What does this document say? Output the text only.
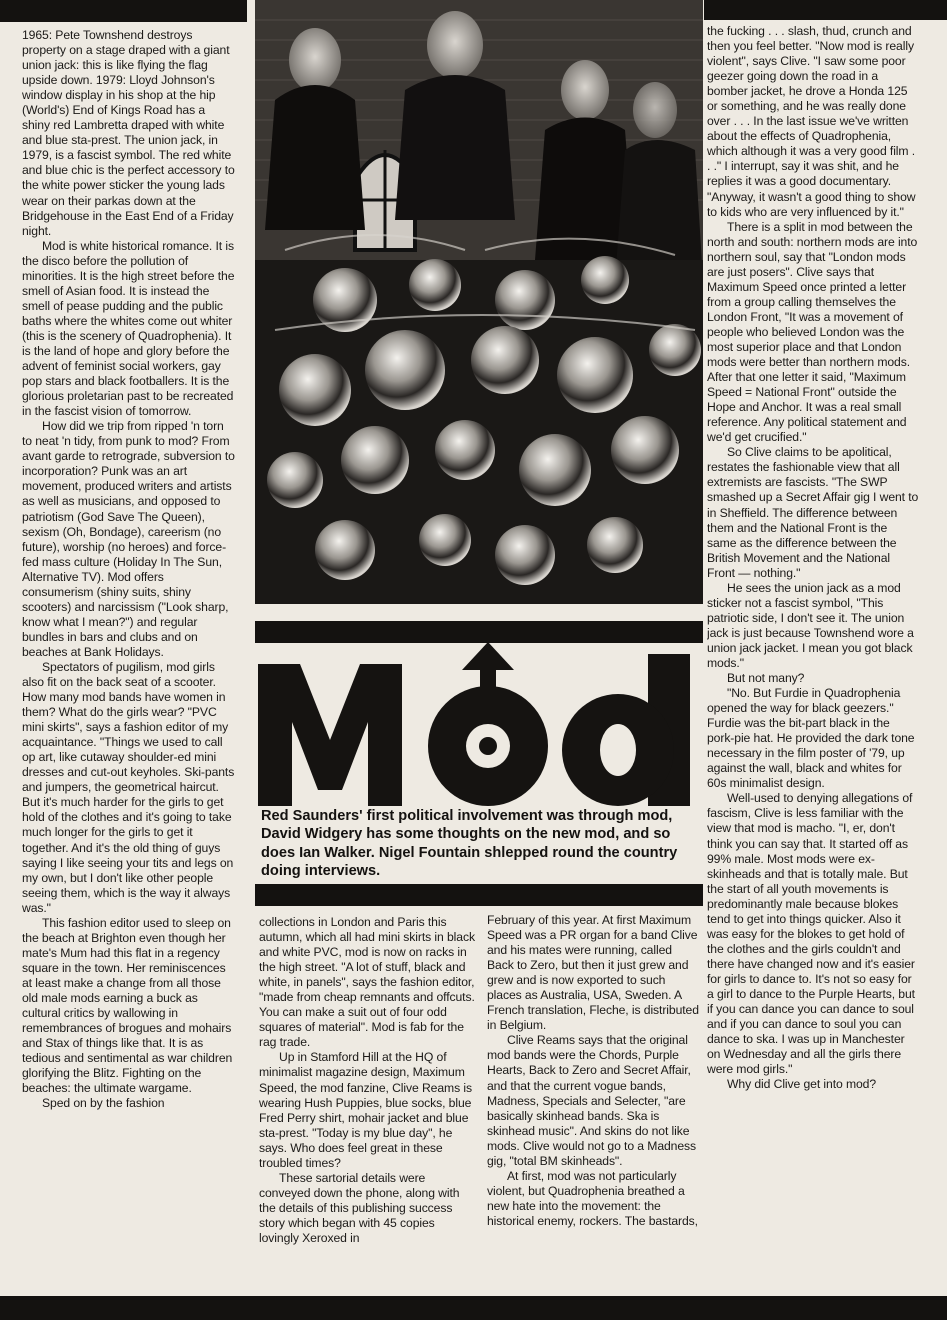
1965: Pete Townshend destroys property on a stage draped with a giant union jack: this is like flying the flag upside down. 1979: Lloyd Johnson's window display in his shop at the hip (World's) End of Kings Road has a shiny red Lambretta draped with white and blue sta-prest. The union jack, in 1979, is a fascist symbol. The red white and blue chic is the perfect accessory to the white power sticker the young lads wear on their parkas down at the Bridgehouse in the East End of a Friday night.

Mod is white historical romance. It is the disco before the pollution of minorities. It is the high street before the smell of Asian food. It is instead the smell of pease pudding and the public baths where the whites come out whiter (this is the scenery of Quadrophenia). It is the land of hope and glory before the advent of feminist social workers, gay pop stars and black footballers. It is the glorious proletarian past to be recreated in the fascist vision of tomorrow.

How did we trip from ripped 'n torn to neat 'n tidy, from punk to mod? From avant garde to retrograde, subversion to incorporation? Punk was an art movement, produced writers and artists as well as musicians, and opposed to patriotism (God Save The Queen), sexism (Oh, Bondage), careerism (no future), worship (no heroes) and force-fed mass culture (Holiday In The Sun, Alternative TV). Mod offers consumerism (shiny suits, shiny scooters) and narcissism ("Look sharp, know what I mean?") and regular bundles in bars and clubs and on beaches at Bank Holidays.

Spectators of pugilism, mod girls also fit on the back seat of a scooter. How many mod bands have women in them? What do the girls wear? "PVC mini skirts", says a fashion editor of my acquaintance. "Things we used to call op art, like cutaway shoulder-ed mini dresses and cut-out keyholes. Ski-pants and jumpers, the geometrical haircut. But it's much harder for the girls to get hold of the clothes and it's going to take much longer for the girls to get it together. And it's the old thing of guys saying I like seeing your tits and legs on my own, but I don't like other people seeing them, which is the way it always was."

This fashion editor used to sleep on the beach at Brighton even though her mate's Mum had this flat in a regency square in the town. Her reminiscences at least make a change from all those old male mods earning a buck as cultural critics by wallowing in remembrances of brogues and mohairs and Stax of things like that. It is as tedious and sentimental as war children glorifying the Blitz. Fighting on the beaches: the ultimate wargame.

Sped on by the fashion

Mod
Red Saunders' first political involvement was through mod, David Widgery has some thoughts on the new mod, and so does Ian Walker. Nigel Fountain shlepped round the country doing interviews.

collections in London and Paris this autumn, which all had mini skirts in black and white PVC, mod is now on racks in the high street. "A lot of stuff, black and white, in panels", says the fashion editor, "made from cheap remnants and offcuts. You can make a suit out of four odd squares of material". Mod is fab for the rag trade.

Up in Stamford Hill at the HQ of minimalist magazine design, Maximum Speed, the mod fanzine, Clive Reams is wearing Hush Puppies, blue socks, blue Fred Perry shirt, mohair jacket and blue sta-prest. "Today is my blue day", he says. Who does feel great in these troubled times?

These sartorial details were conveyed down the phone, along with the details of this publishing success story which began with 45 copies lovingly Xeroxed in

February of this year. At first Maximum Speed was a PR organ for a band Clive and his mates were running, called Back to Zero, but then it just grew and grew and is now exported to such places as Australia, USA, Sweden. A French translation, Fleche, is distributed in Belgium.

Clive Reams says that the original mod bands were the Chords, Purple Hearts, Back to Zero and Secret Affair, and that the current vogue bands, Madness, Specials and Selecter, "are basically skinhead bands. Ska is skinhead music". And skins do not like mods. Clive would not go to a Madness gig, "total BM skinheads".

At first, mod was not particularly violent, but Quadrophenia breathed a new hate into the movement: the historical enemy, rockers. The bastards,

the fucking . . . slash, thud, crunch and then you feel better. "Now mod is really violent", says Clive. "I saw some poor geezer going down the road in a bomber jacket, he drove a Honda 125 or something, and he was really done over . . . In the last issue we've written about the effects of Quadrophenia, which although it was a very good film . . ." I interrupt, say it was shit, and he replies it was a good documentary. "Anyway, it wasn't a good thing to show to kids who are very influenced by it."

There is a split in mod between the north and south: northern mods are into northern soul, say that "London mods are just posers". Clive says that Maximum Speed once printed a letter from a group calling themselves the London Front, "It was a movement of people who believed London was the most superior place and that London mods were better than northern mods. After that one letter it said, "Maximum Speed = National Front" outside the Hope and Anchor. It was a real small reference. Any political statement and we'd get crucified."

So Clive claims to be apolitical, restates the fashionable view that all extremists are fascists. "The SWP smashed up a Secret Affair gig I went to in Sheffield. The difference between them and the National Front is the same as the difference between the British Movement and the National Front — nothing."

He sees the union jack as a mod sticker not a fascist symbol, "This patriotic side, I don't see it. The union jack is just because Townshend wore a union jack jacket. I mean you got black mods."

But not many?

"No. But Furdie in Quadrophenia opened the way for black geezers." Furdie was the bit-part black in the pork-pie hat. He provided the dark tone necessary in the film poster of '79, up against the wall, black and whites for 60s minimalist design.

Well-used to denying allegations of fascism, Clive is less familiar with the view that mod is macho. "I, er, don't think you can say that. It started off as 99% male. Most mods were ex-skinheads and that is totally male. But the start of all youth movements is predominantly male because blokes tend to get into things quicker. Also it was easy for the blokes to get hold of the clothes and the girls couldn't and there have changed now and it's easier for girls to dance to. It's not so easy for a girl to dance to the Purple Hearts, but if you can dance you can dance to soul and if you can dance to soul you can dance to ska. I was up in Manchester on Wednesday and all the girls there were mod girls."

Why did Clive get into mod?
